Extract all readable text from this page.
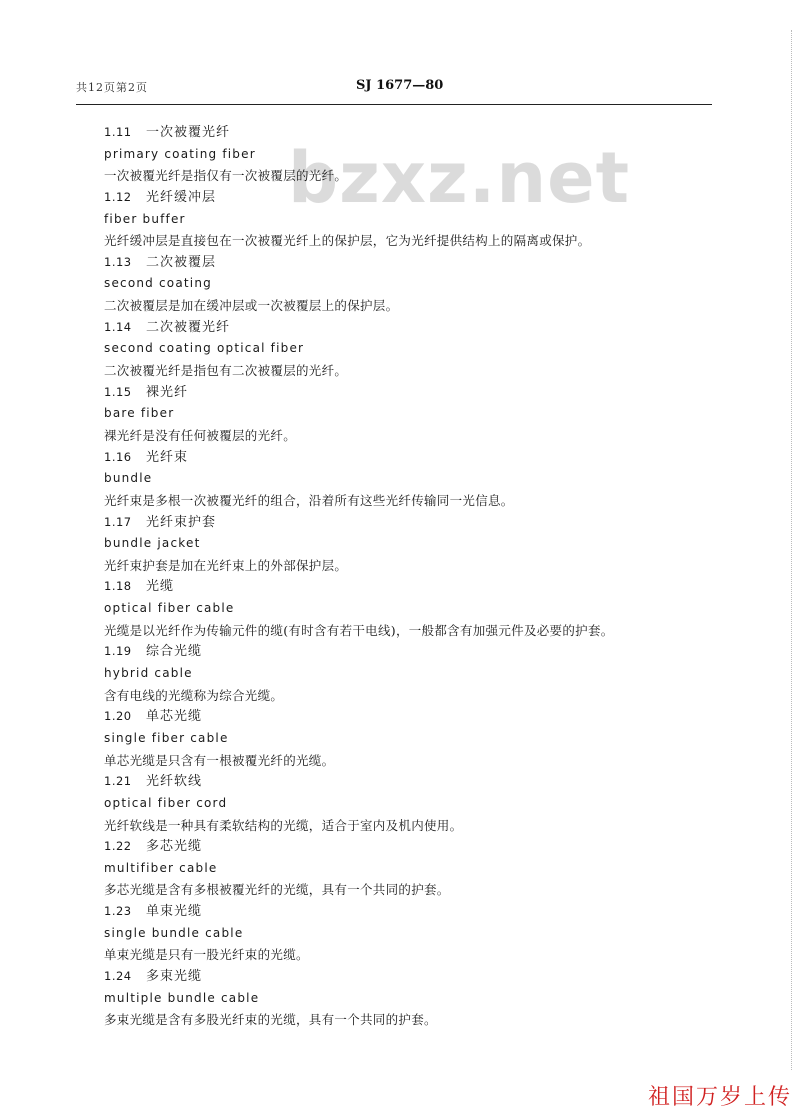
共12页第2页	SJ 1677—80
bzxz.net
1.11 一次被覆光纤
primary coating fiber
一次被覆光纤是指仅有一次被覆层的光纤。
1.12 光纤缓冲层
fiber buffer
光纤缓冲层是直接包在一次被覆光纤上的保护层，它为光纤提供结构上的隔离或保护。
1.13 二次被覆层
second coating
二次被覆层是加在缓冲层或一次被覆层上的保护层。
1.14 二次被覆光纤
second coating optical fiber
二次被覆光纤是指包有二次被覆层的光纤。
1.15 裸光纤
bare fiber
裸光纤是没有任何被覆层的光纤。
1.16 光纤束
bundle
光纤束是多根一次被覆光纤的组合，沿着所有这些光纤传输同一光信息。
1.17 光纤束护套
bundle jacket
光纤束护套是加在光纤束上的外部保护层。
1.18 光缆
optical fiber cable
光缆是以光纤作为传输元件的缆(有时含有若干电线)，一般都含有加强元件及必要的护套。
1.19 综合光缆
hybrid cable
含有电线的光缆称为综合光缆。
1.20 单芯光缆
single fiber cable
单芯光缆是只含有一根被覆光纤的光缆。
1.21 光纤软线
optical fiber cord
光纤软线是一种具有柔软结构的光缆，适合于室内及机内使用。
1.22 多芯光缆
multifiber cable
多芯光缆是含有多根被覆光纤的光缆，具有一个共同的护套。
1.23 单束光缆
single bundle cable
单束光缆是只有一股光纤束的光缆。
1.24 多束光缆
multiple bundle cable
多束光缆是含有多股光纤束的光缆，具有一个共同的护套。
祖国万岁上传
